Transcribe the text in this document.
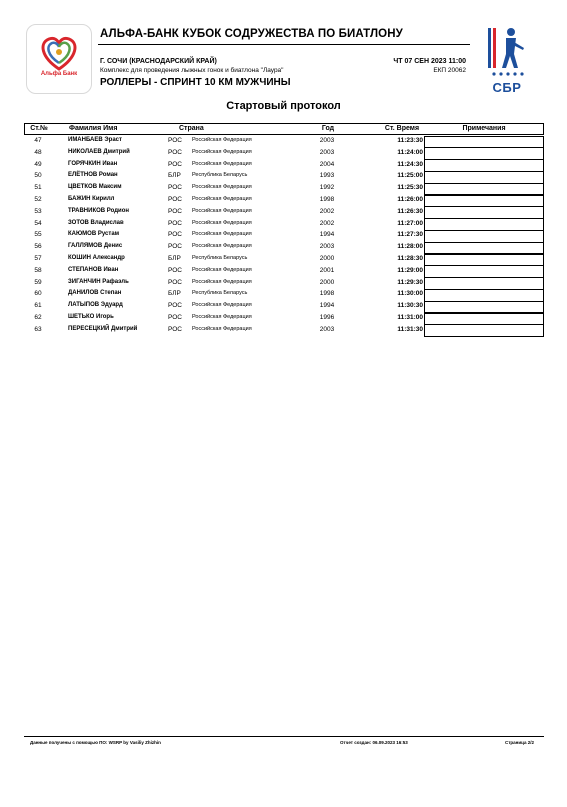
Альфа Банк
СБР
АЛЬФА-БАНК КУБОК СОДРУЖЕСТВА ПО БИАТЛОНУ
Г. СОЧИ (КРАСНОДАРСКИЙ КРАЙ)
Комплекс для проведения лыжных гонок и биатлона "Лаура"
РОЛЛЕРЫ - СПРИНТ 10 КМ МУЖЧИНЫ
ЧТ 07 СЕН 2023 11:00
ЕКП 20062
Стартовый протокол
Ст.№	Фамилия Имя	Страна	Год	Ст. Время	Примечания
47	ИМАНБАЕВ Эраст	РОС Российская Федерация	2003	11:23:30
48	НИКОЛАЕВ Дмитрий	РОС Российская Федерация	2003	11:24:00
49	ГОРЯЧКИН Иван	РОС Российская Федерация	2004	11:24:30
50	ЕЛЁТНОВ Роман	БЛР Республика Беларусь	1993	11:25:00
51	ЦВЕТКОВ Максим	РОС Российская Федерация	1992	11:25:30
52	БАЖИН Кирилл	РОС Российская Федерация	1998	11:26:00
53	ТРАВНИКОВ Родион	РОС Российская Федерация	2002	11:26:30
54	ЗОТОВ Владислав	РОС Российская Федерация	2002	11:27:00
55	КАЮМОВ Рустам	РОС Российская Федерация	1994	11:27:30
56	ГАЛЛЯМОВ Денис	РОС Российская Федерация	2003	11:28:00
57	КОШИН Александр	БЛР Республика Беларусь	2000	11:28:30
58	СТЕПАНОВ Иван	РОС Российская Федерация	2001	11:29:00
59	ЗИГАНЧИН Рафаэль	РОС Российская Федерация	2000	11:29:30
60	ДАНИЛОВ Степан	БЛР Республика Беларусь	1998	11:30:00
61	ЛАТЫПОВ Эдуард	РОС Российская Федерация	1994	11:30:30
62	ШЕТЬКО Игорь	РОС Российская Федерация	1996	11:31:00
63	ПЕРЕСЕЦКИЙ Дмитрий	РОС Российская Федерация	2003	11:31:30
Данные получены с помощью ПО: WSRP by Vasiliy Zhizhin	Отчет создан: 06.09.2023 16:53	Страница 2/2
